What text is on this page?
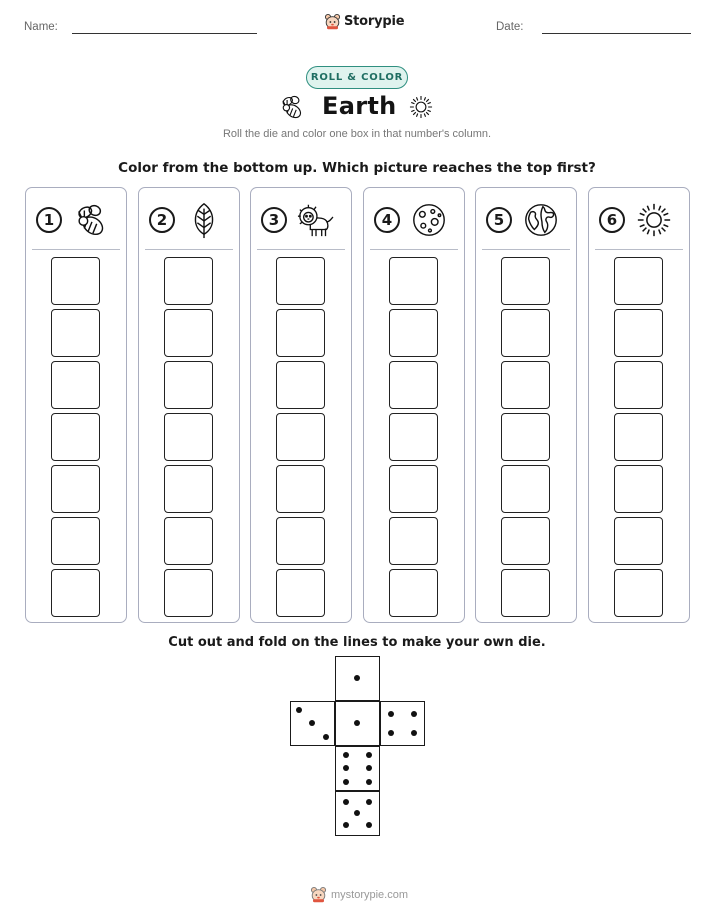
Name:	Storypie	Date:
ROLL & COLOR
Earth
Roll the die and color one box in that number's column.
Color from the bottom up. Which picture reaches the top first?
1	2	3	4	5	6
Cut out and fold on the lines to make your own die.
mystorypie.com
